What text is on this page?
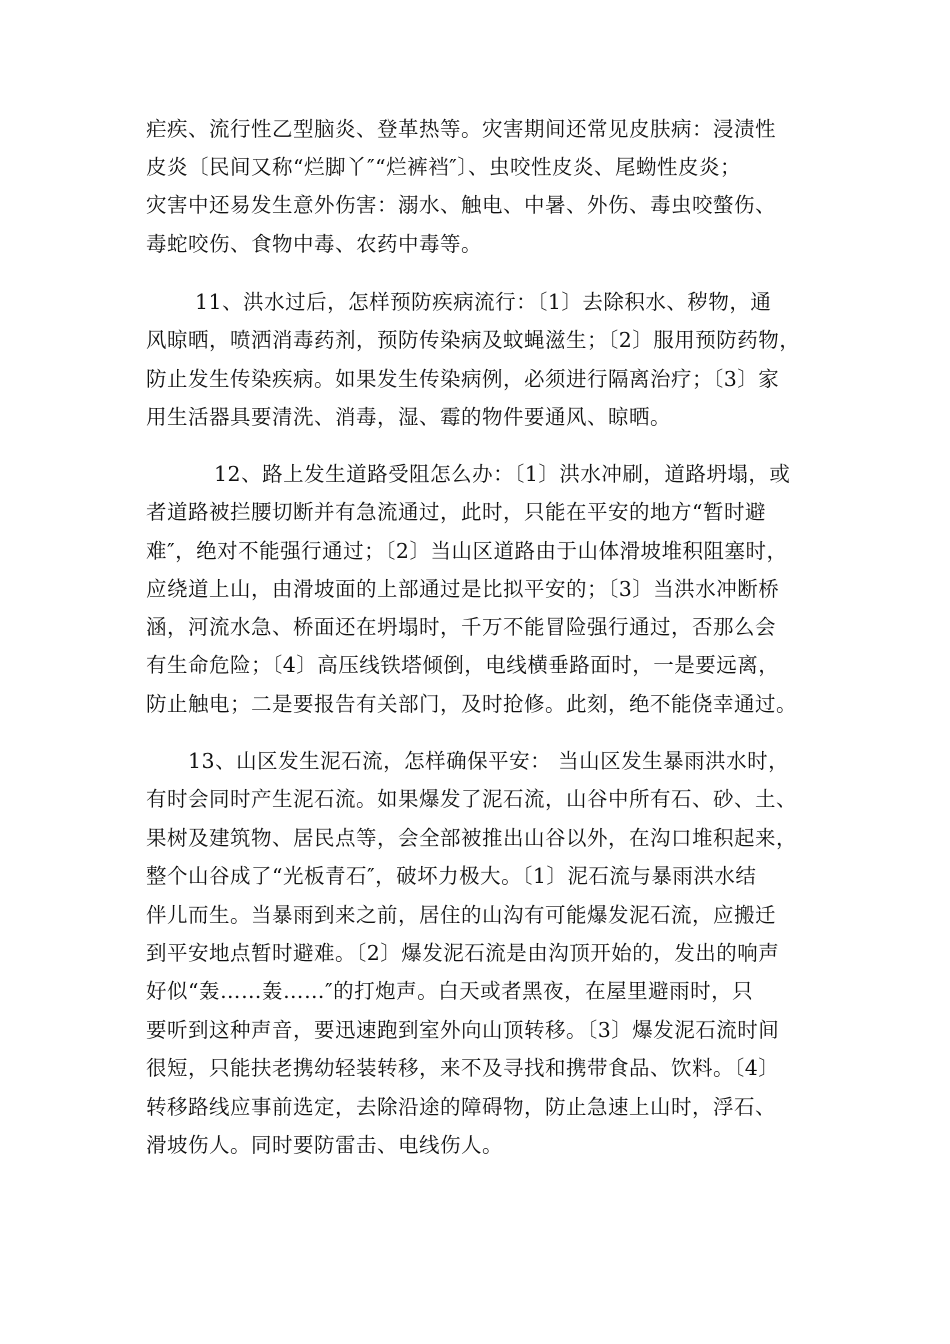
疟疾、流行性乙型脑炎、登革热等。灾害期间还常见皮肤病：浸渍性
皮炎〔民间又称“烂脚丫″“烂裤裆″〕、虫咬性皮炎、尾蚴性皮炎；
灾害中还易发生意外伤害：溺水、触电、中暑、外伤、毒虫咬螫伤、
毒蛇咬伤、食物中毒、农药中毒等。
11、洪水过后，怎样预防疾病流行：〔1〕去除积水、秽物，通
风晾晒，喷洒消毒药剂，预防传染病及蚊蝇滋生；〔2〕服用预防药物，
防止发生传染疾病。如果发生传染病例，必须进行隔离治疗；〔3〕家
用生活器具要清洗、消毒，湿、霉的物件要通风、晾晒。
12、路上发生道路受阻怎么办：〔1〕洪水冲刷，道路坍塌，或
者道路被拦腰切断并有急流通过，此时，只能在平安的地方“暂时避
难″，绝对不能强行通过；〔2〕当山区道路由于山体滑坡堆积阻塞时，
应绕道上山，由滑坡面的上部通过是比拟平安的；〔3〕当洪水冲断桥
涵，河流水急、桥面还在坍塌时，千万不能冒险强行通过，否那么会
有生命危险；〔4〕高压线铁塔倾倒，电线横垂路面时，一是要远离，
防止触电；二是要报告有关部门，及时抢修。此刻，绝不能侥幸通过。
13、山区发生泥石流，怎样确保平安： 当山区发生暴雨洪水时，
有时会同时产生泥石流。如果爆发了泥石流，山谷中所有石、砂、土、
果树及建筑物、居民点等，会全部被推出山谷以外，在沟口堆积起来，
整个山谷成了“光板青石″，破坏力极大。〔1〕泥石流与暴雨洪水结
伴儿而生。当暴雨到来之前，居住的山沟有可能爆发泥石流，应搬迁
到平安地点暂时避难。〔2〕爆发泥石流是由沟顶开始的，发出的响声
好似“轰……轰……″的打炮声。白天或者黑夜，在屋里避雨时，只
要听到这种声音，要迅速跑到室外向山顶转移。〔3〕爆发泥石流时间
很短，只能扶老携幼轻装转移，来不及寻找和携带食品、饮料。〔4〕
转移路线应事前选定，去除沿途的障碍物，防止急速上山时，浮石、
滑坡伤人。同时要防雷击、电线伤人。
